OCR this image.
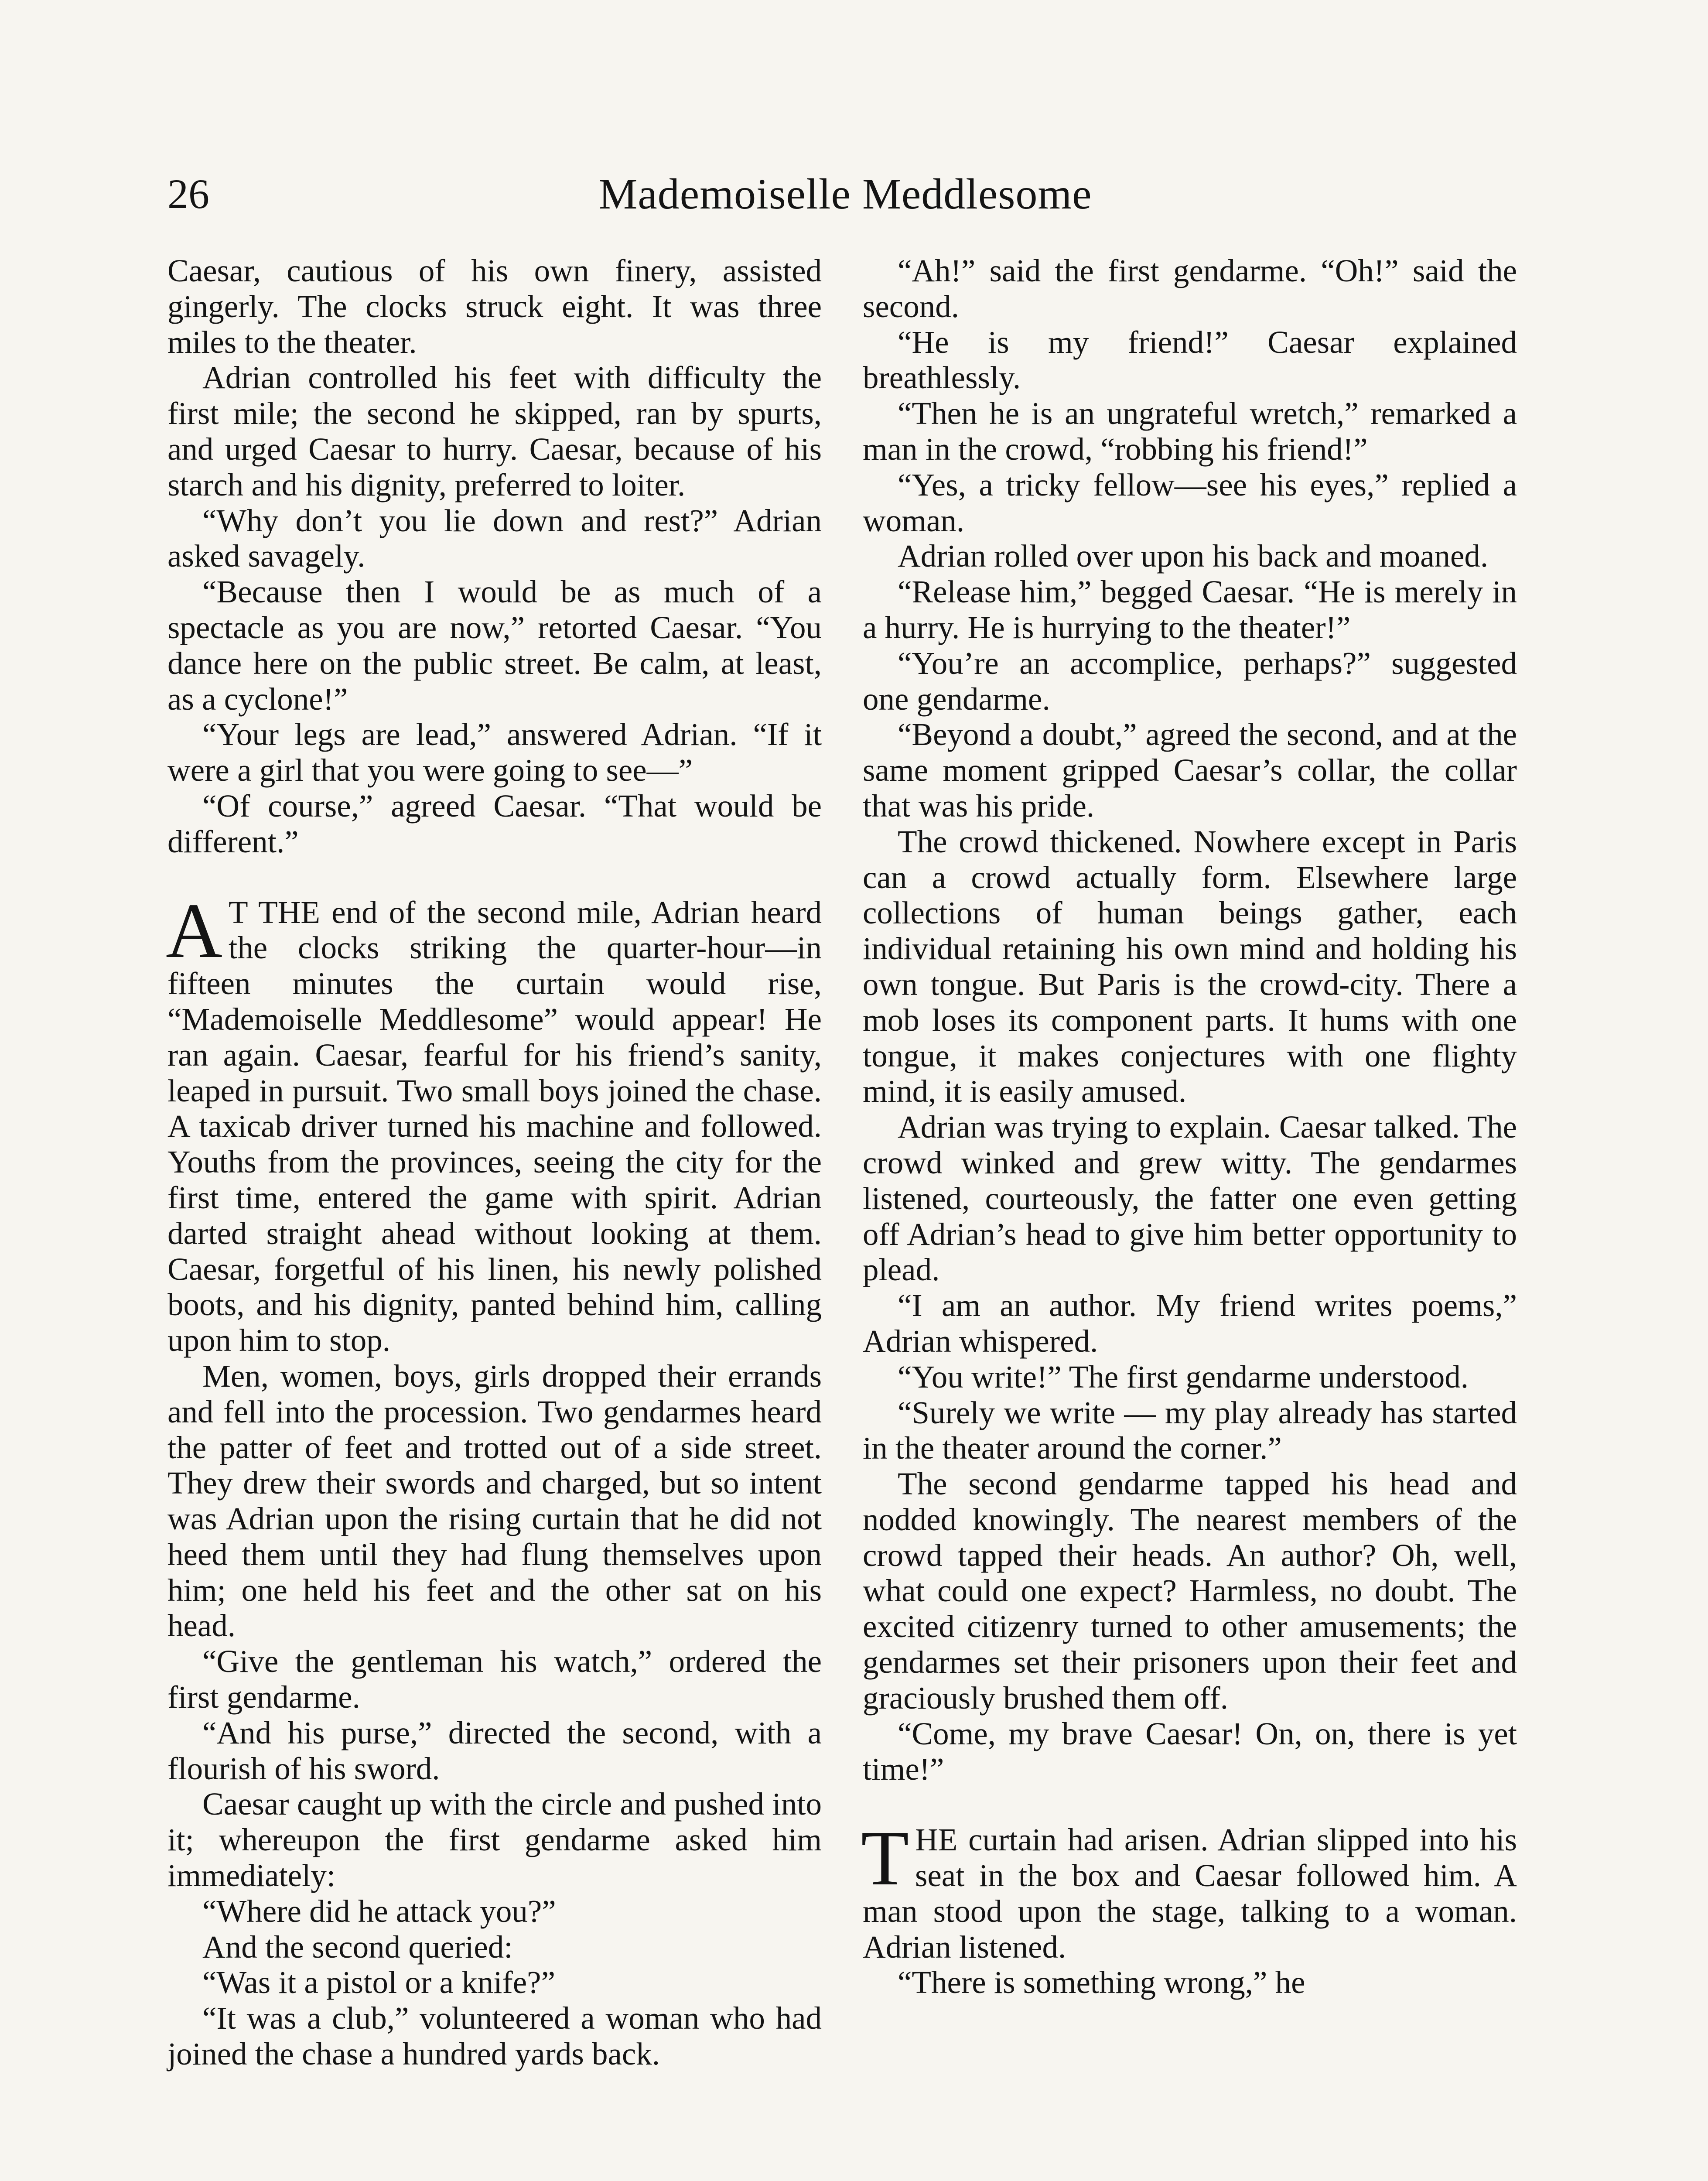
26	Mademoiselle Meddlesome

Caesar, cautious of his own finery, assisted gingerly. The clocks struck eight. It was three miles to the theater.

Adrian controlled his feet with difficulty the first mile; the second he skipped, ran by spurts, and urged Caesar to hurry. Caesar, because of his starch and his dignity, preferred to loiter.

“Why don’t you lie down and rest?” Adrian asked savagely.

“Because then I would be as much of a spectacle as you are now,” retorted Caesar. “You dance here on the public street. Be calm, at least, as a cyclone!”

“Your legs are lead,” answered Adrian. “If it were a girl that you were going to see—”

“Of course,” agreed Caesar. “That would be different.”

A T THE end of the second mile, Adrian heard the clocks striking the quarter-hour—in fifteen minutes the curtain would rise, “Mademoiselle Meddlesome” would appear! He ran again. Caesar, fearful for his friend’s sanity, leaped in pursuit. Two small boys joined the chase. A taxicab driver turned his machine and followed. Youths from the provinces, seeing the city for the first time, entered the game with spirit. Adrian darted straight ahead without looking at them. Caesar, forgetful of his linen, his newly polished boots, and his dignity, panted behind him, calling upon him to stop.

Men, women, boys, girls dropped their errands and fell into the procession. Two gendarmes heard the patter of feet and trotted out of a side street. They drew their swords and charged, but so intent was Adrian upon the rising curtain that he did not heed them until they had flung themselves upon him; one held his feet and the other sat on his head.

“Give the gentleman his watch,” ordered the first gendarme.

“And his purse,” directed the second, with a flourish of his sword.

Caesar caught up with the circle and pushed into it; whereupon the first gendarme asked him immediately:

“Where did he attack you?”

And the second queried:

“Was it a pistol or a knife?”

“It was a club,” volunteered a woman who had joined the chase a hundred yards back.

“Ah!” said the first gendarme. “Oh!” said the second.

“He is my friend!” Caesar explained breathlessly.

“Then he is an ungrateful wretch,” remarked a man in the crowd, “robbing his friend!”

“Yes, a tricky fellow—see his eyes,” replied a woman.

Adrian rolled over upon his back and moaned.

“Release him,” begged Caesar. “He is merely in a hurry. He is hurrying to the theater!”

“You’re an accomplice, perhaps?” suggested one gendarme.

“Beyond a doubt,” agreed the second, and at the same moment gripped Caesar’s collar, the collar that was his pride.

The crowd thickened. Nowhere except in Paris can a crowd actually form. Elsewhere large collections of human beings gather, each individual retaining his own mind and holding his own tongue. But Paris is the crowd-city. There a mob loses its component parts. It hums with one tongue, it makes conjectures with one flighty mind, it is easily amused.

Adrian was trying to explain. Caesar talked. The crowd winked and grew witty. The gendarmes listened, courteously, the fatter one even getting off Adrian’s head to give him better opportunity to plead.

“I am an author. My friend writes poems,” Adrian whispered.

“You write!” The first gendarme understood.

“Surely we write — my play already has started in the theater around the corner.”

The second gendarme tapped his head and nodded knowingly. The nearest members of the crowd tapped their heads. An author? Oh, well, what could one expect? Harmless, no doubt. The excited citizenry turned to other amusements; the gendarmes set their prisoners upon their feet and graciously brushed them off.

“Come, my brave Caesar! On, on, there is yet time!”

THE curtain had arisen. Adrian slipped into his seat in the box and Caesar followed him. A man stood upon the stage, talking to a woman. Adrian listened.

“There is something wrong,” he
